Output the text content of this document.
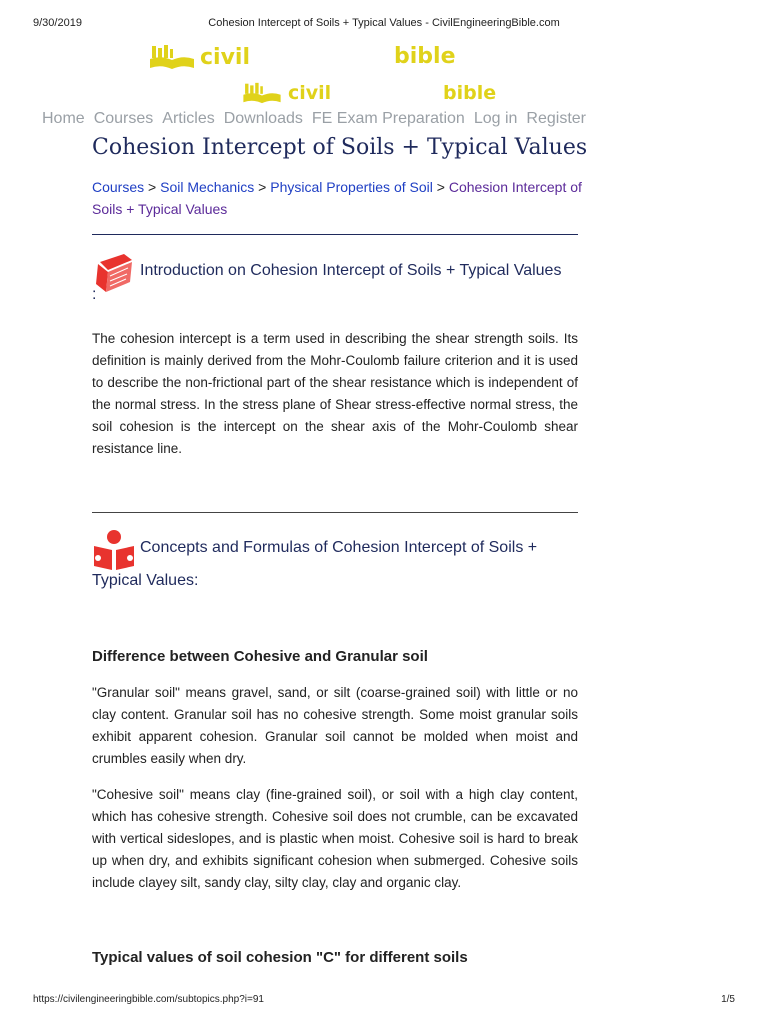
9/30/2019	Cohesion Intercept of Soils + Typical Values - CivilEngineeringBible.com
civil	bible
civil	bible
Home Courses Articles Downloads FE Exam Preparation Log in Register
Cohesion Intercept of Soils + Typical Values
Courses > Soil Mechanics > Physical Properties of Soil > Cohesion Intercept of Soils + Typical Values
Introduction on Cohesion Intercept of Soils + Typical Values
:
The cohesion intercept is a term used in describing the shear strength soils. Its definition is mainly derived from the Mohr-Coulomb failure criterion and it is used to describe the non-frictional part of the shear resistance which is independent of the normal stress. In the stress plane of Shear stress-effective normal stress, the soil cohesion is the intercept on the shear axis of the Mohr-Coulomb shear resistance line.
Concepts and Formulas of Cohesion Intercept of Soils +
Typical Values:
Difference between Cohesive and Granular soil
"Granular soil" means gravel, sand, or silt (coarse-grained soil) with little or no clay content. Granular soil has no cohesive strength. Some moist granular soils exhibit apparent cohesion. Granular soil cannot be molded when moist and crumbles easily when dry.
"Cohesive soil" means clay (fine-grained soil), or soil with a high clay content, which has cohesive strength. Cohesive soil does not crumble, can be excavated with vertical sideslopes, and is plastic when moist. Cohesive soil is hard to break up when dry, and exhibits significant cohesion when submerged. Cohesive soils include clayey silt, sandy clay, silty clay, clay and organic clay.
Typical values of soil cohesion "C" for different soils
https://civilengineeringbible.com/subtopics.php?i=91	1/5
